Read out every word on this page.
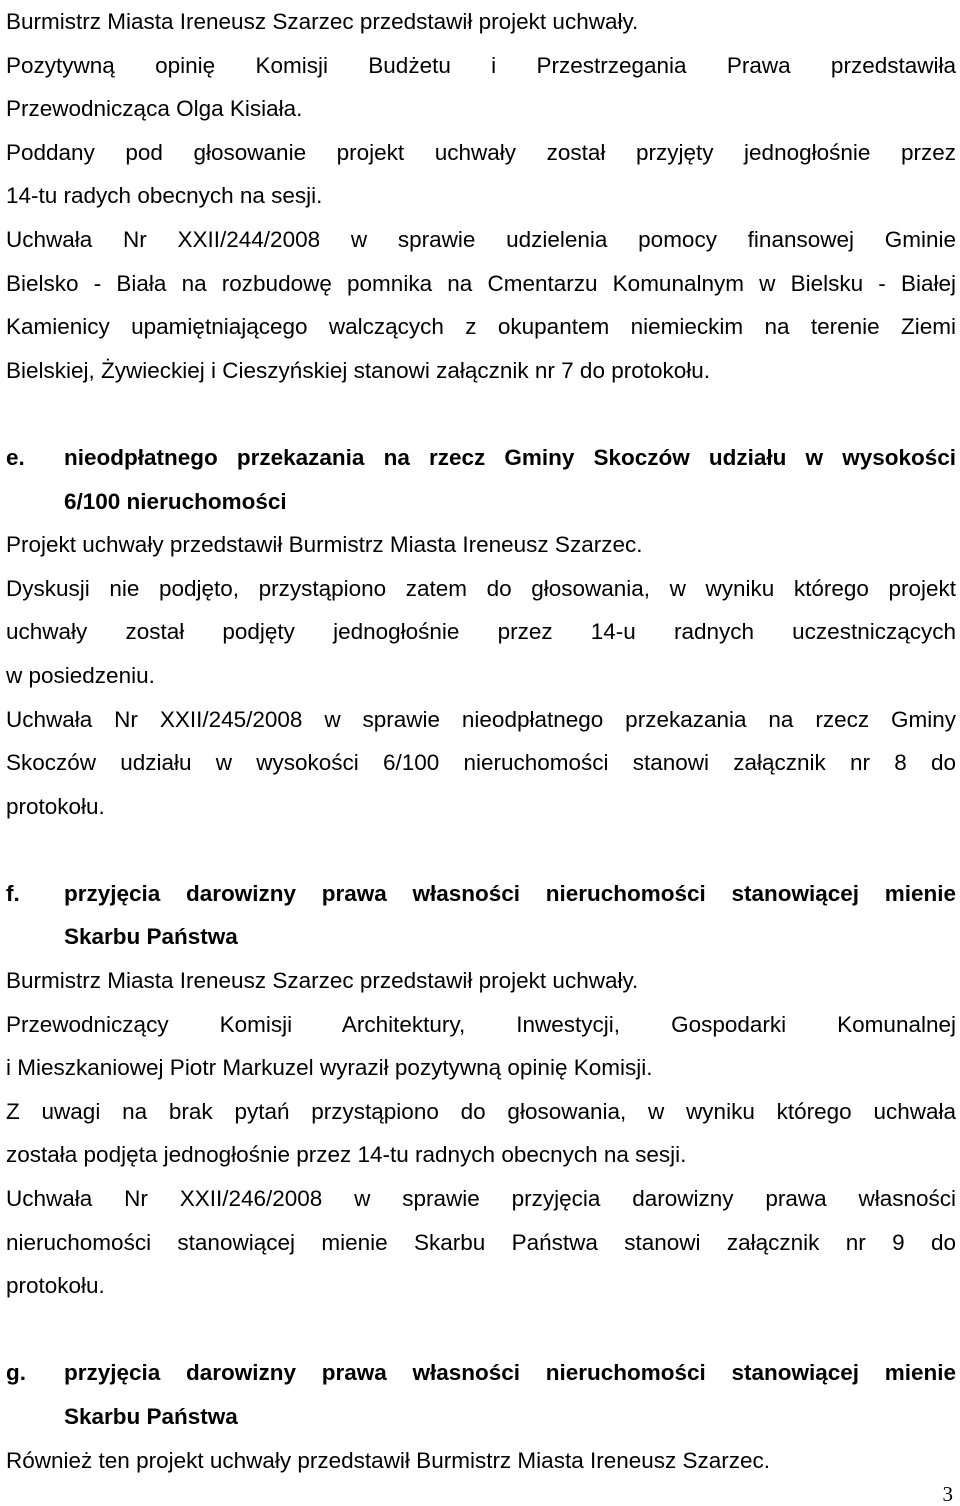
Burmistrz Miasta Ireneusz Szarzec przedstawił projekt uchwały.
Pozytywną opinię Komisji Budżetu i Przestrzegania Prawa przedstawiła
Przewodnicząca Olga Kisiała.
Poddany pod głosowanie projekt uchwały został przyjęty jednogłośnie przez
14-tu radych obecnych na sesji.
Uchwała Nr XXII/244/2008 w sprawie udzielenia pomocy finansowej Gminie
Bielsko - Biała na rozbudowę pomnika na Cmentarzu Komunalnym w Bielsku - Białej
Kamienicy upamiętniającego walczących z okupantem niemieckim na terenie Ziemi
Bielskiej, Żywieckiej i Cieszyńskiej stanowi załącznik nr 7 do protokołu.
e.	nieodpłatnego przekazania na rzecz Gminy Skoczów udziału w wysokości
6/100 nieruchomości
Projekt uchwały przedstawił Burmistrz Miasta Ireneusz Szarzec.
Dyskusji nie podjęto, przystąpiono zatem do głosowania, w wyniku którego projekt
uchwały został podjęty jednogłośnie przez 14-u radnych uczestniczących
w posiedzeniu.
Uchwała Nr XXII/245/2008 w sprawie nieodpłatnego przekazania na rzecz Gminy
Skoczów udziału w wysokości 6/100 nieruchomości stanowi załącznik nr 8 do
protokołu.
f.	przyjęcia darowizny prawa własności nieruchomości stanowiącej mienie
Skarbu Państwa
Burmistrz Miasta Ireneusz Szarzec przedstawił projekt uchwały.
Przewodniczący Komisji Architektury, Inwestycji, Gospodarki Komunalnej
i Mieszkaniowej Piotr Markuzel wyraził pozytywną opinię Komisji.
Z uwagi na brak pytań przystąpiono do głosowania, w wyniku którego uchwała
została podjęta jednogłośnie przez 14-tu radnych obecnych na sesji.
Uchwała Nr XXII/246/2008 w sprawie przyjęcia darowizny prawa własności
nieruchomości stanowiącej mienie Skarbu Państwa stanowi załącznik nr 9 do
protokołu.
g.	przyjęcia darowizny prawa własności nieruchomości stanowiącej mienie
Skarbu Państwa
Również ten projekt uchwały przedstawił Burmistrz Miasta Ireneusz Szarzec.
3
